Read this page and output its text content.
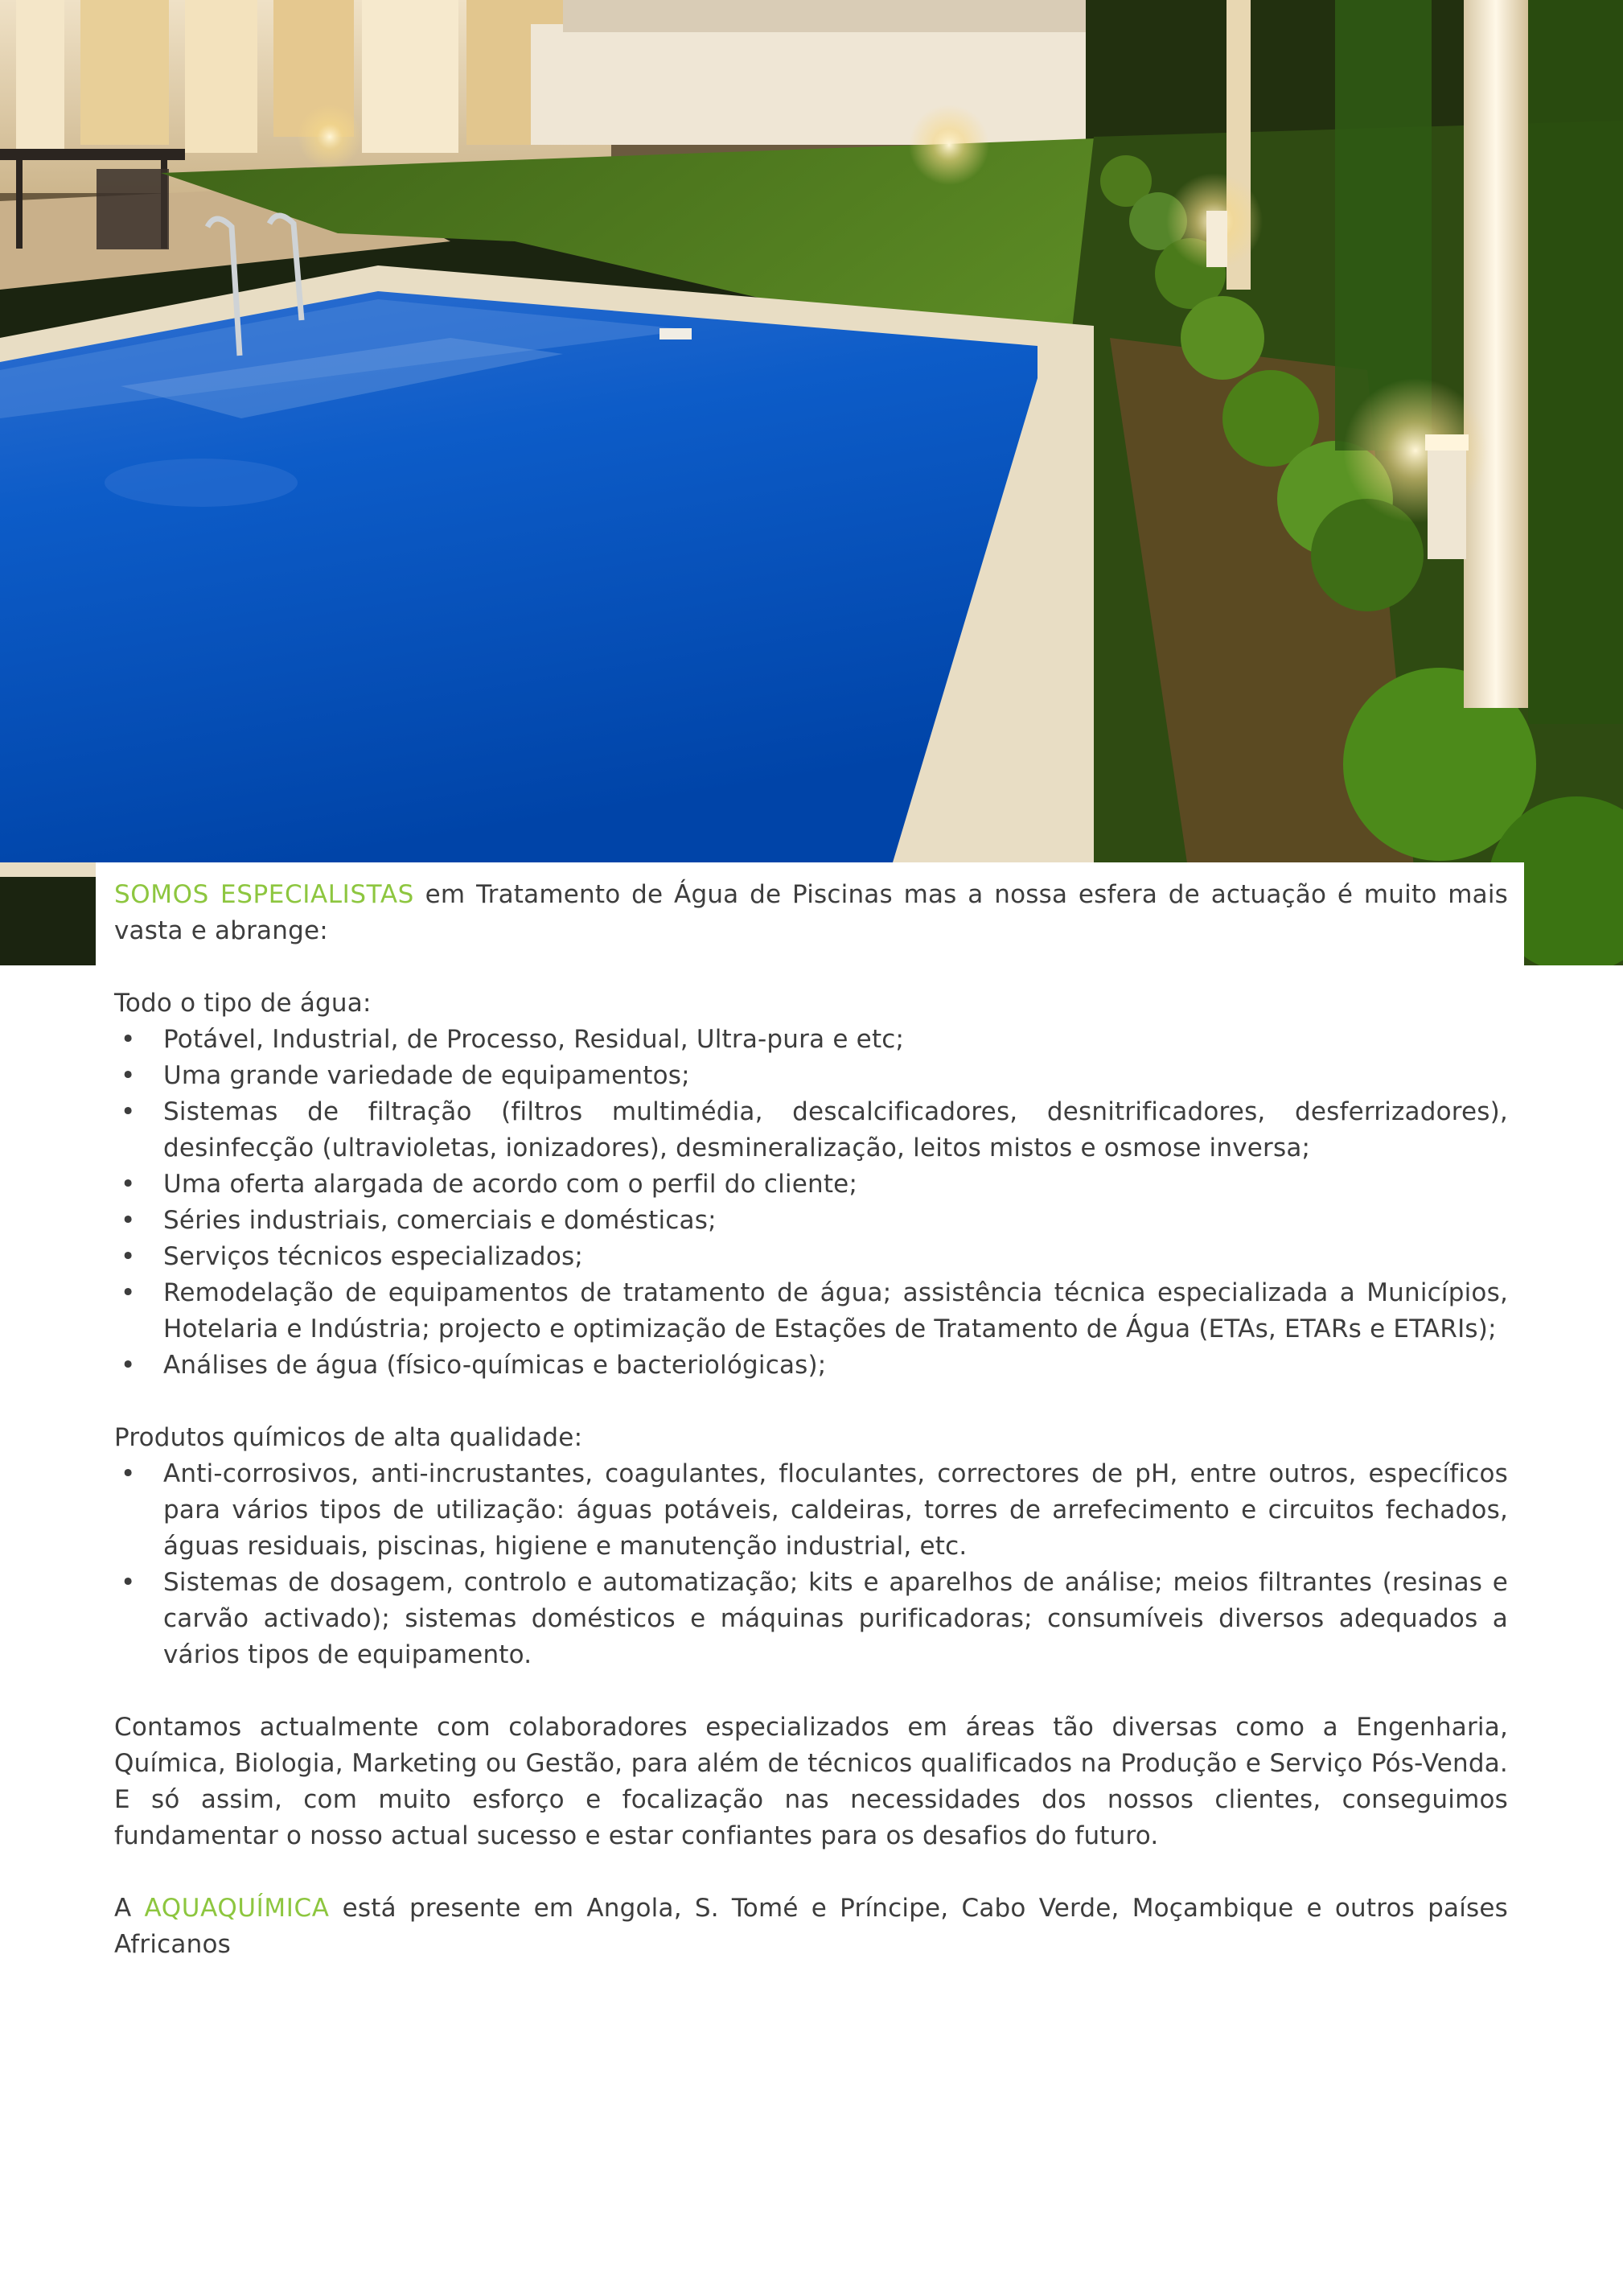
SOMOS ESPECIALISTAS em Tratamento de Água de Piscinas mas a nossa esfera de actuação é muito mais vasta e abrange:

Todo o tipo de água:

• Potável, Industrial, de Processo, Residual, Ultra-pura e etc;
• Uma grande variedade de equipamentos;
• Sistemas de filtração (filtros multimédia, descalcificadores, desnitrificadores, desferrizadores), desinfecção (ultravioletas, ionizadores), desmineralização, leitos mistos e osmose inversa;
• Uma oferta alargada de acordo com o perfil do cliente;
• Séries industriais, comerciais e domésticas;
• Serviços técnicos especializados;
• Remodelação de equipamentos de tratamento de água; assistência técnica especializada a Municípios, Hotelaria e Indústria; projecto e optimização de Estações de Tratamento de Água (ETAs, ETARs e ETARIs);
• Análises de água (físico-químicas e bacteriológicas);

Produtos químicos de alta qualidade:

• Anti-corrosivos, anti-incrustantes, coagulantes, floculantes, correctores de pH, entre outros, específicos para vários tipos de utilização: águas potáveis, caldeiras, torres de arrefecimento e circuitos fechados, águas residuais, piscinas, higiene e manutenção industrial, etc.
• Sistemas de dosagem, controlo e automatização; kits e aparelhos de análise; meios filtrantes (resinas e carvão activado); sistemas domésticos e máquinas purificadoras; consumíveis diversos adequados a vários tipos de equipamento.

Contamos actualmente com colaboradores especializados em áreas tão diversas como a Engenharia, Química, Biologia, Marketing ou Gestão, para além de técnicos qualificados na Produção e Serviço Pós-Venda. E só assim, com muito esforço e focalização nas necessidades dos nossos clientes, conseguimos fundamentar o nosso actual sucesso e estar confiantes para os desafios do futuro.

A AQUAQUÍMICA está presente em Angola, S. Tomé e Príncipe, Cabo Verde, Moçambique e outros países Africanos
